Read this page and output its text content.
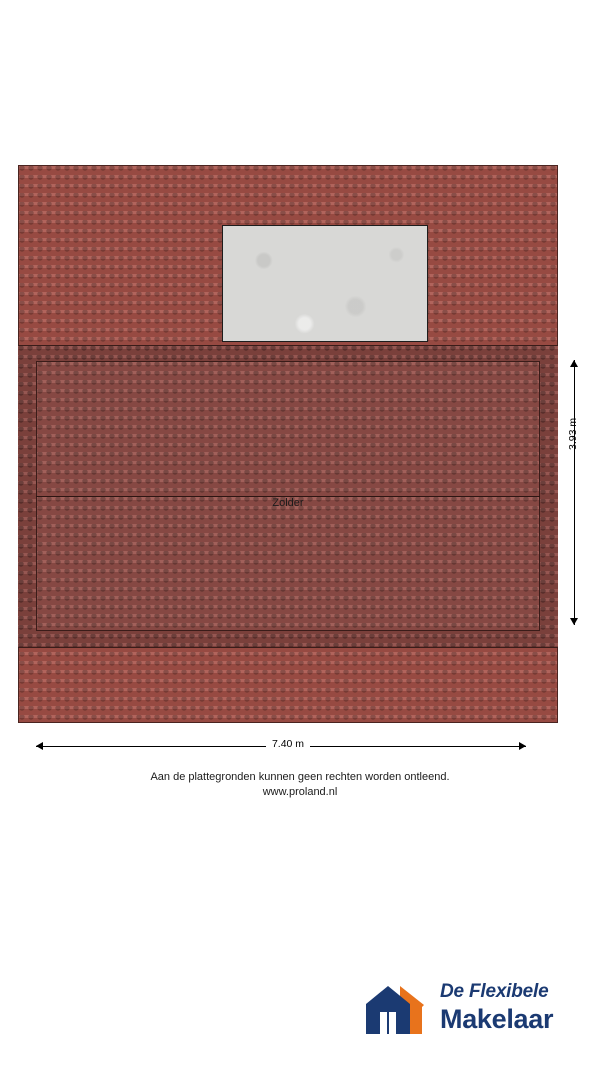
Zolder
3.93 m
7.40 m
Aan de plattegronden kunnen geen rechten worden ontleend.
www.proland.nl
De Flexibele
Makelaar
